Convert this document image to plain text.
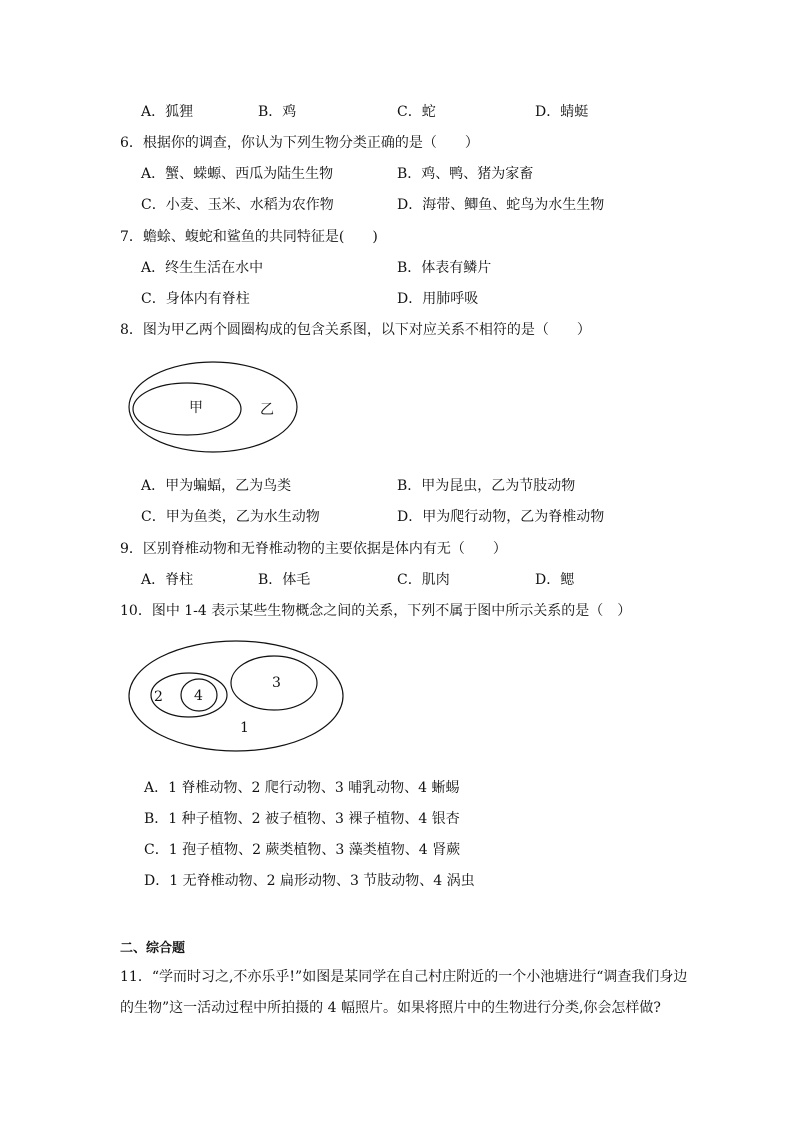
A．狐狸	B．鸡	C．蛇	D．蜻蜓
6．根据你的调查，你认为下列生物分类正确的是（　　）
A．蟹、蝾螈、西瓜为陆生生物	B．鸡、鸭、猪为家畜
C．小麦、玉米、水稻为农作物	D．海带、鲫鱼、蛇鸟为水生生物
7．蟾蜍、蝮蛇和鲨鱼的共同特征是(　　)
A．终生生活在水中	B．体表有鳞片
C．身体内有脊柱	D．用肺呼吸
8．图为甲乙两个圆圈构成的包含关系图，以下对应关系不相符的是（　　）
甲	乙
A．甲为蝙蝠，乙为鸟类	B．甲为昆虫，乙为节肢动物
C．甲为鱼类，乙为水生动物	D．甲为爬行动物，乙为脊椎动物
9．区别脊椎动物和无脊椎动物的主要依据是体内有无（　　）
A．脊柱	B．体毛	C．肌肉	D．鳃
10．图中 1-4 表示某些生物概念之间的关系，下列不属于图中所示关系的是（　）
2 4
3
1
A．1 脊椎动物、2 爬行动物、3 哺乳动物、4 蜥蜴
B．1 种子植物、2 被子植物、3 裸子植物、4 银杏
C．1 孢子植物、2 蕨类植物、3 藻类植物、4 肾蕨
D．1 无脊椎动物、2 扁形动物、3 节肢动物、4 涡虫
二、综合题
11．“学而时习之,不亦乐乎!”如图是某同学在自己村庄附近的一个小池塘进行“调查我们身边
的生物”这一活动过程中所拍摄的 4 幅照片。如果将照片中的生物进行分类,你会怎样做?
